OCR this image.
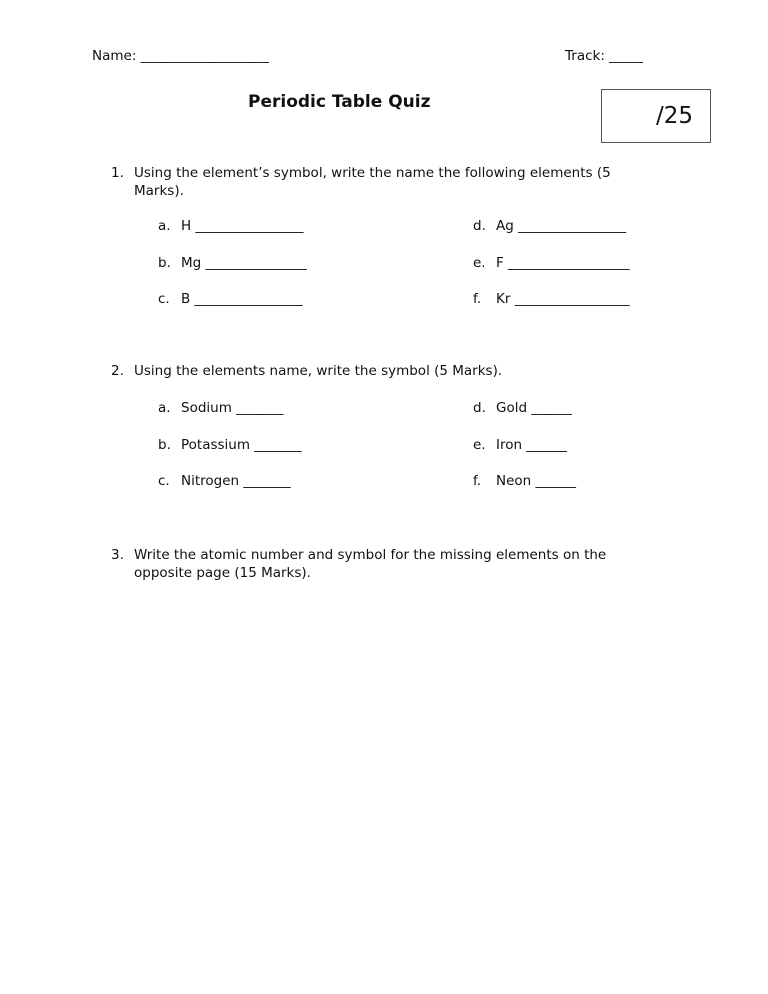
Name: ___________________	Track: _____
Periodic Table Quiz
/25
1. Using the element’s symbol, write the name the following elements (5
Marks).
a. H ________________
b. Mg _______________
c. B ________________
d. Ag ________________
e. F __________________
f. Kr _________________
2. Using the elements name, write the symbol (5 Marks).
a. Sodium _______
b. Potassium _______
c. Nitrogen _______
d. Gold ______
e. Iron ______
f. Neon ______
3. Write the atomic number and symbol for the missing elements on the
opposite page (15 Marks).
